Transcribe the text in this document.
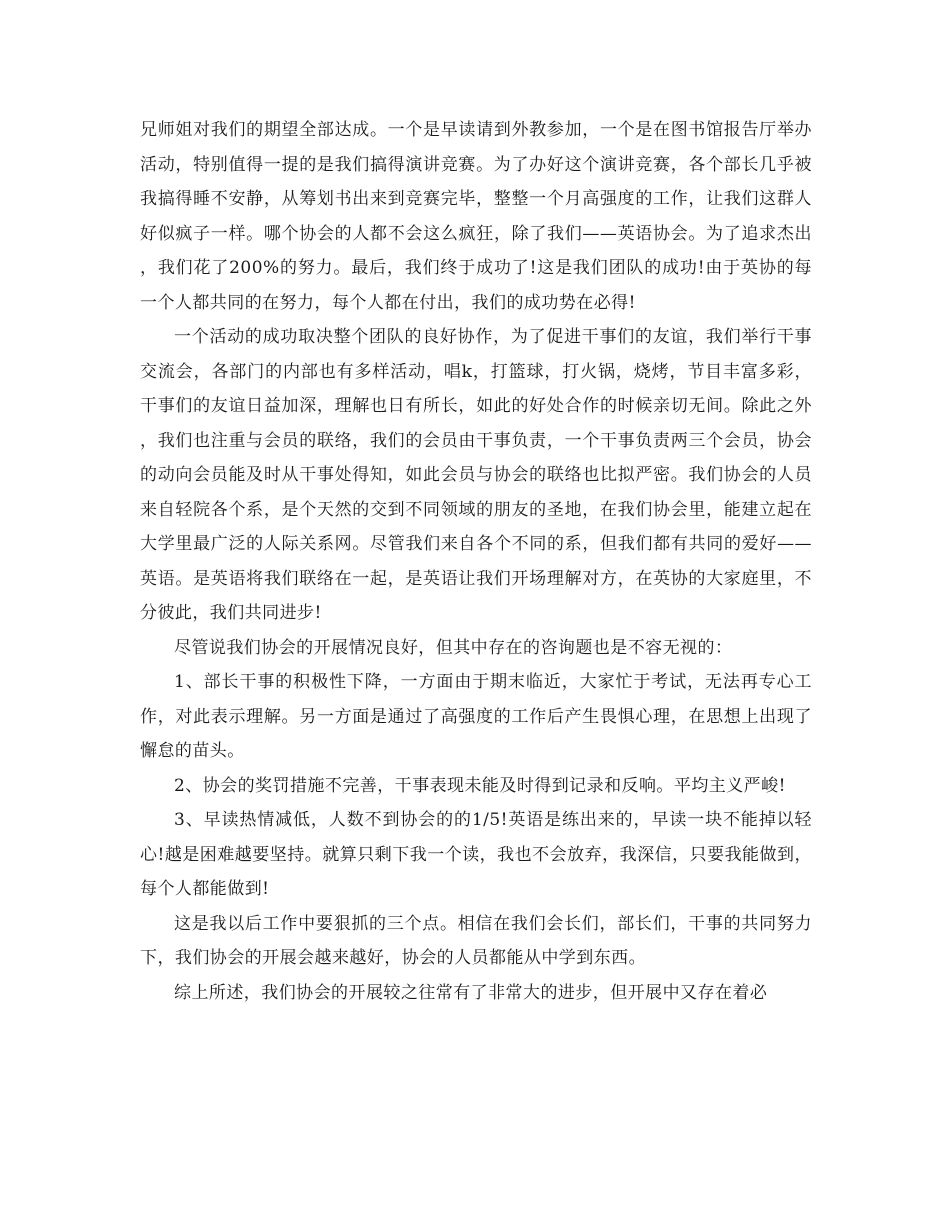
兄师姐对我们的期望全部达成。一个是早读请到外教参加，一个是在图书馆报告厅举办活动，特别值得一提的是我们搞得演讲竞赛。为了办好这个演讲竞赛，各个部长几乎被我搞得睡不安静，从筹划书出来到竞赛完毕，整整一个月高强度的工作，让我们这群人好似疯子一样。哪个协会的人都不会这么疯狂，除了我们——英语协会。为了追求杰出，我们花了200%的努力。最后，我们终于成功了!这是我们团队的成功!由于英协的每一个人都共同的在努力，每个人都在付出，我们的成功势在必得!

一个活动的成功取决整个团队的良好协作，为了促进干事们的友谊，我们举行干事交流会，各部门的内部也有多样活动，唱k，打篮球，打火锅，烧烤，节目丰富多彩，干事们的友谊日益加深，理解也日有所长，如此的好处合作的时候亲切无间。除此之外，我们也注重与会员的联络，我们的会员由干事负责，一个干事负责两三个会员，协会的动向会员能及时从干事处得知，如此会员与协会的联络也比拟严密。我们协会的人员来自轻院各个系，是个天然的交到不同领域的朋友的圣地，在我们协会里，能建立起在大学里最广泛的人际关系网。尽管我们来自各个不同的系，但我们都有共同的爱好——英语。是英语将我们联络在一起，是英语让我们开场理解对方，在英协的大家庭里，不分彼此，我们共同进步!

尽管说我们协会的开展情况良好，但其中存在的咨询题也是不容无视的：

1、部长干事的积极性下降，一方面由于期末临近，大家忙于考试，无法再专心工作，对此表示理解。另一方面是通过了高强度的工作后产生畏惧心理，在思想上出现了懈怠的苗头。

2、协会的奖罚措施不完善，干事表现未能及时得到记录和反响。平均主义严峻!

3、早读热情减低，人数不到协会的的1/5!英语是练出来的，早读一块不能掉以轻心!越是困难越要坚持。就算只剩下我一个读，我也不会放弃，我深信，只要我能做到，每个人都能做到!

这是我以后工作中要狠抓的三个点。相信在我们会长们，部长们，干事的共同努力下，我们协会的开展会越来越好，协会的人员都能从中学到东西。

综上所述，我们协会的开展较之往常有了非常大的进步，但开展中又存在着必
